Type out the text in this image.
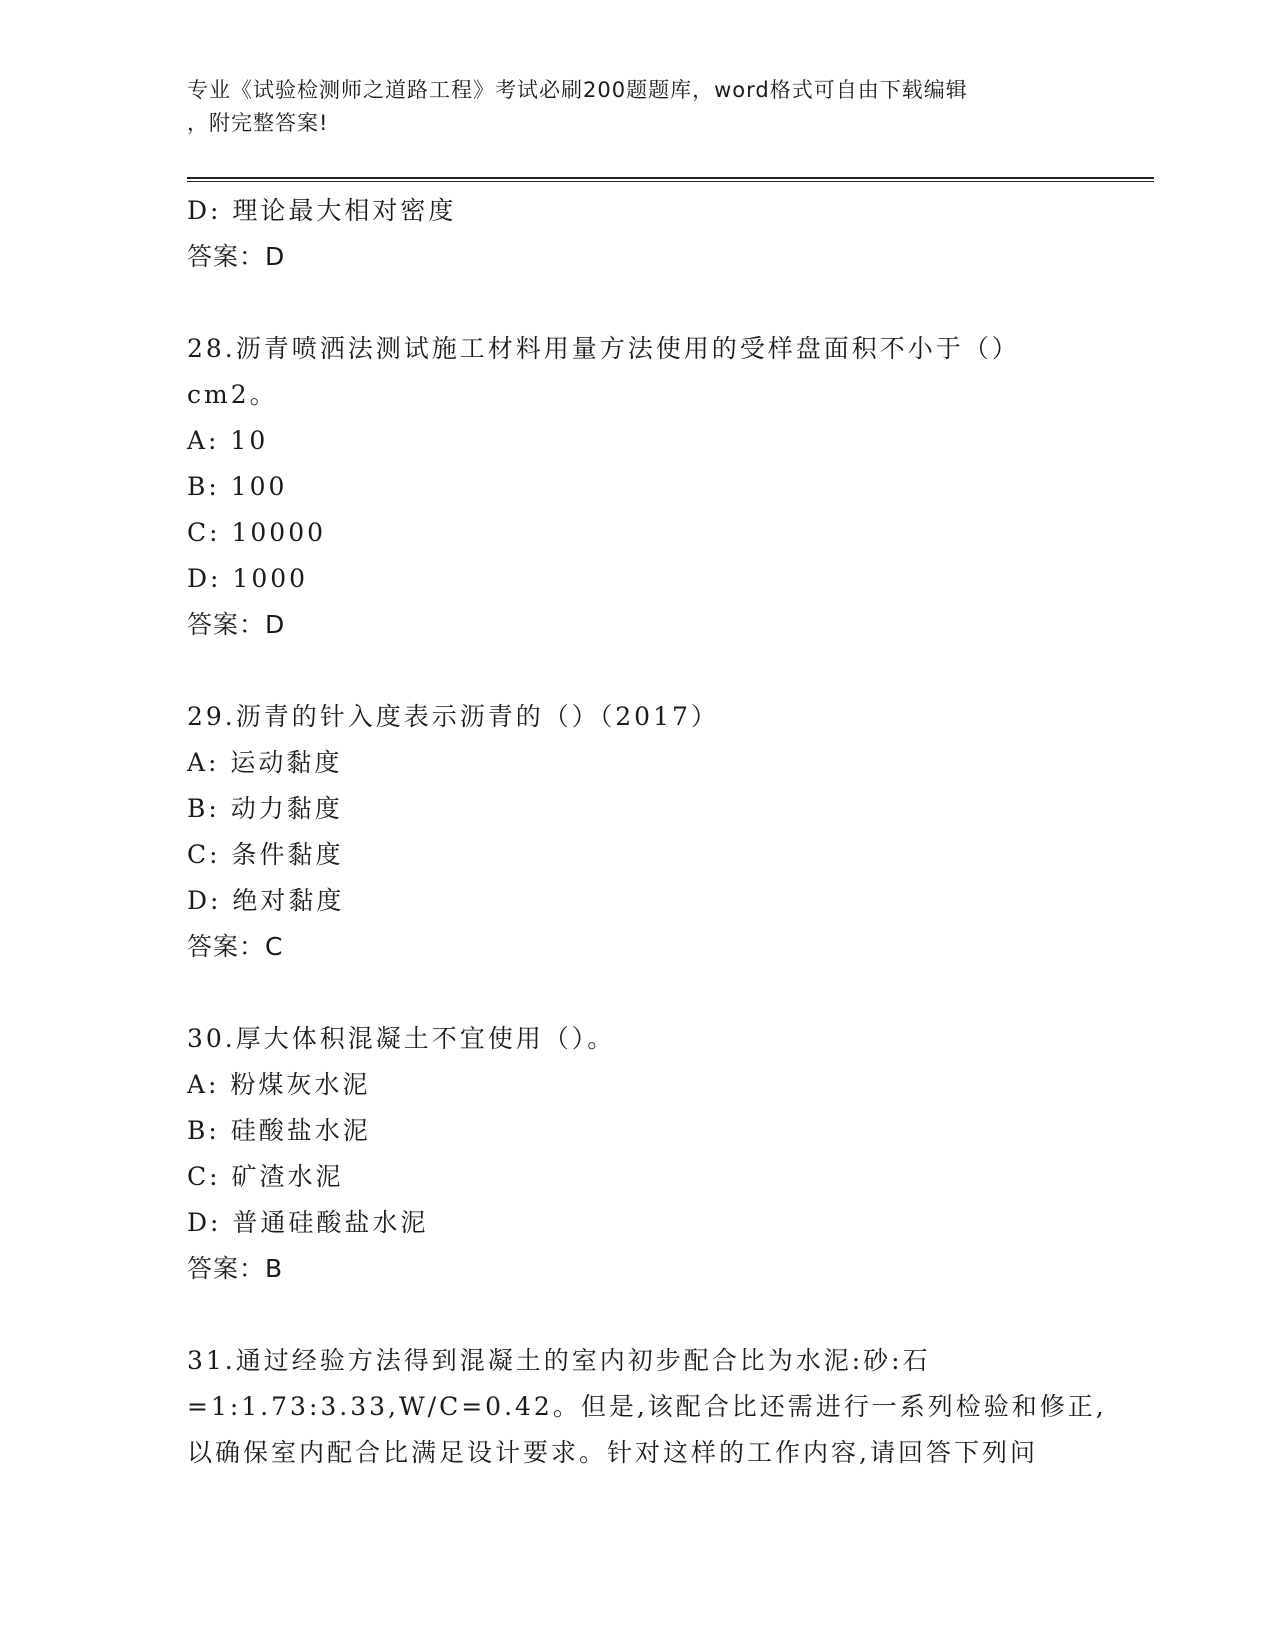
专业《试验检测师之道路工程》考试必刷200题题库，word格式可自由下载编辑
，附完整答案!
D: 理论最大相对密度
答案：D
28.沥青喷洒法测试施工材料用量方法使用的受样盘面积不小于（）
cm2。
A: 10
B: 100
C: 10000
D: 1000
答案：D
29.沥青的针入度表示沥青的（）（2017）
A: 运动黏度
B: 动力黏度
C: 条件黏度
D: 绝对黏度
答案：C
30.厚大体积混凝土不宜使用（）。
A: 粉煤灰水泥
B: 硅酸盐水泥
C: 矿渣水泥
D: 普通硅酸盐水泥
答案：B
31.通过经验方法得到混凝土的室内初步配合比为水泥:砂:石
=1:1.73:3.33,W/C=0.42。但是,该配合比还需进行一系列检验和修正,
以确保室内配合比满足设计要求。针对这样的工作内容,请回答下列问
